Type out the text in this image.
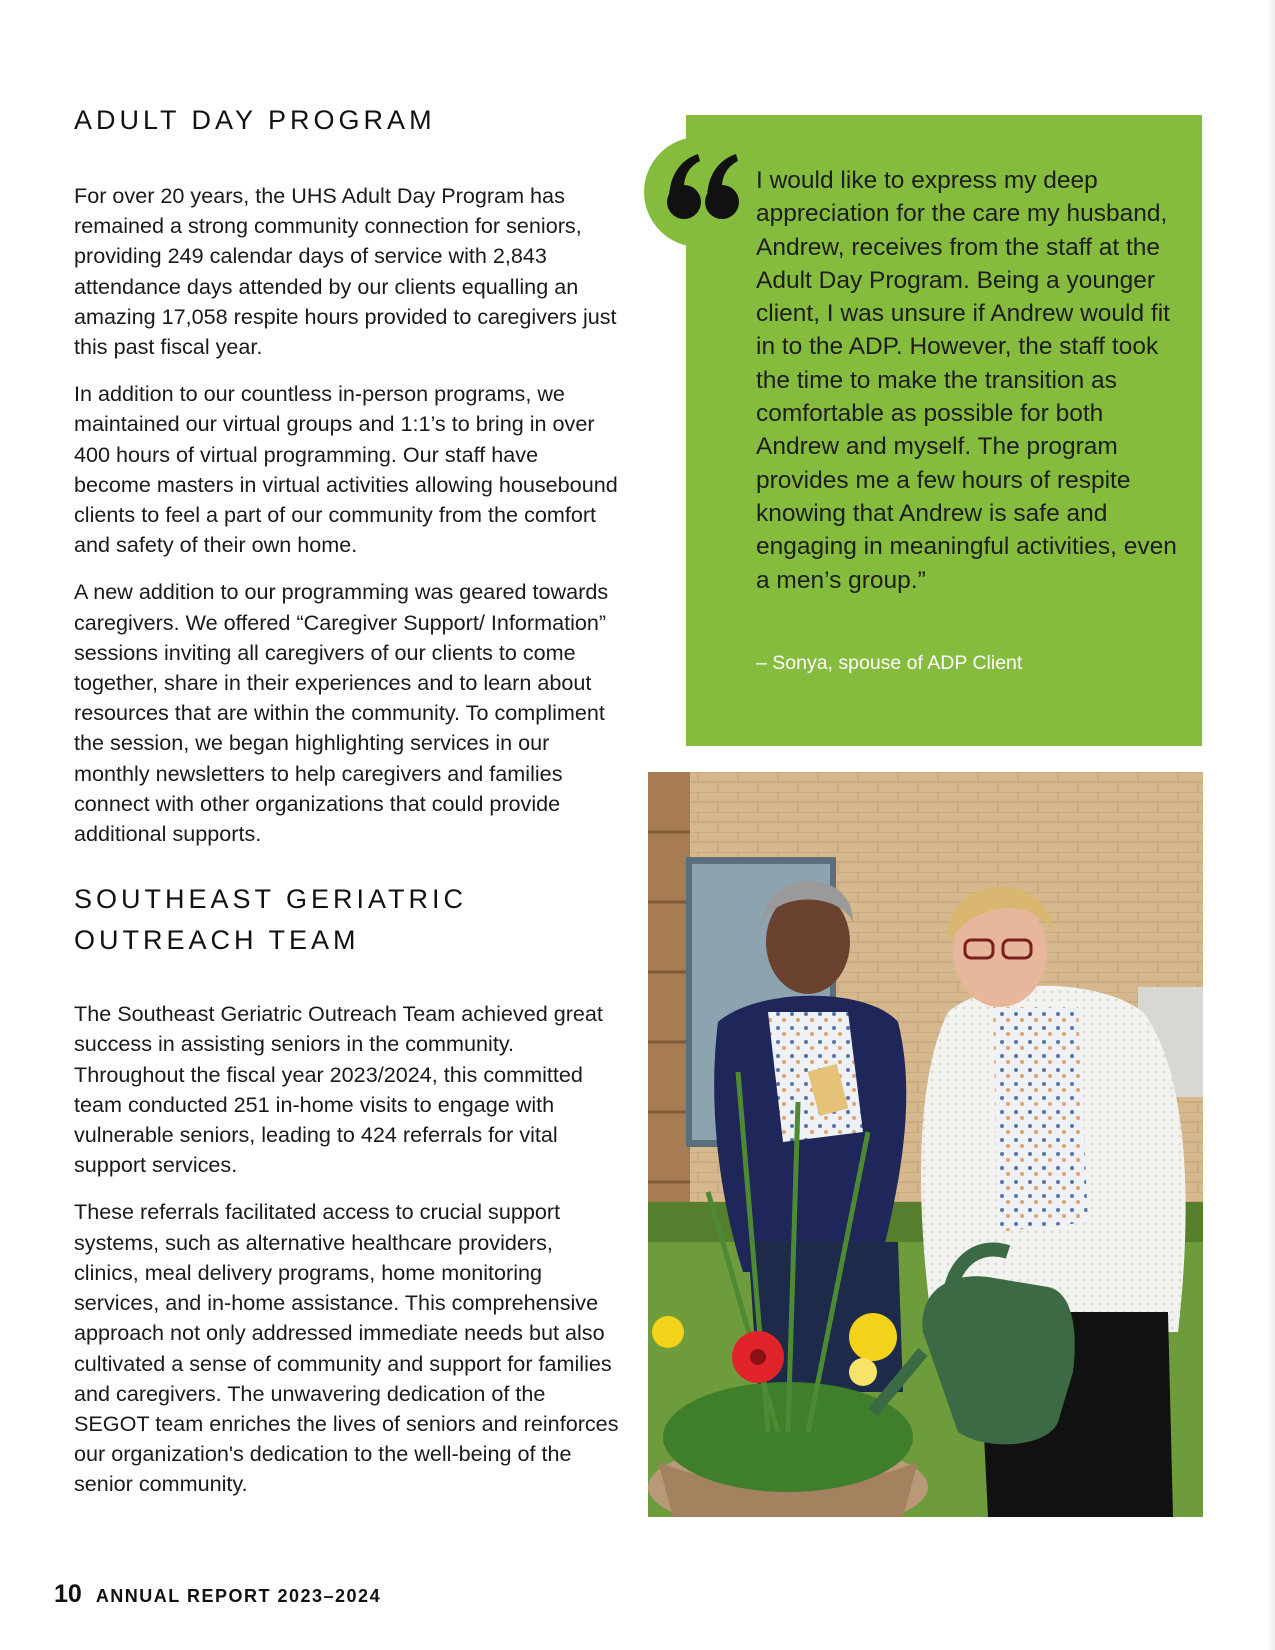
ADULT DAY PROGRAM

For over 20 years, the UHS Adult Day Program has remained a strong community connection for seniors, providing 249 calendar days of service with 2,843 attendance days attended by our clients equalling an amazing 17,058 respite hours provided to caregivers just this past fiscal year.

In addition to our countless in-person programs, we maintained our virtual groups and 1:1’s to bring in over 400 hours of virtual programming. Our staff have become masters in virtual activities allowing housebound clients to feel a part of our community from the comfort and safety of their own home.

A new addition to our programming was geared towards caregivers. We offered “Caregiver Support/ Information” sessions inviting all caregivers of our clients to come together, share in their experiences and to learn about resources that are within the community. To compliment the session, we began highlighting services in our monthly newsletters to help caregivers and families connect with other organizations that could provide additional supports.

SOUTHEAST GERIATRIC
OUTREACH TEAM

The Southeast Geriatric Outreach Team achieved great success in assisting seniors in the community. Throughout the fiscal year 2023/2024, this committed team conducted 251 in-home visits to engage with vulnerable seniors, leading to 424 referrals for vital support services.

These referrals facilitated access to crucial support systems, such as alternative healthcare providers, clinics, meal delivery programs, home monitoring services, and in-home assistance. This comprehensive approach not only addressed immediate needs but also cultivated a sense of community and support for families and caregivers. The unwavering dedication of the SEGOT team enriches the lives of seniors and reinforces our organization's dedication to the well-being of the senior community.

I would like to express my deep appreciation for the care my husband, Andrew, receives from the staff at the Adult Day Program. Being a younger client, I was unsure if Andrew would fit in to the ADP. However, the staff took the time to make the transition as comfortable as possible for both Andrew and myself. The program provides me a few hours of respite knowing that Andrew is safe and engaging in meaningful activities, even a men’s group.”

– Sonya, spouse of ADP Client

10 ANNUAL REPORT 2023–2024
